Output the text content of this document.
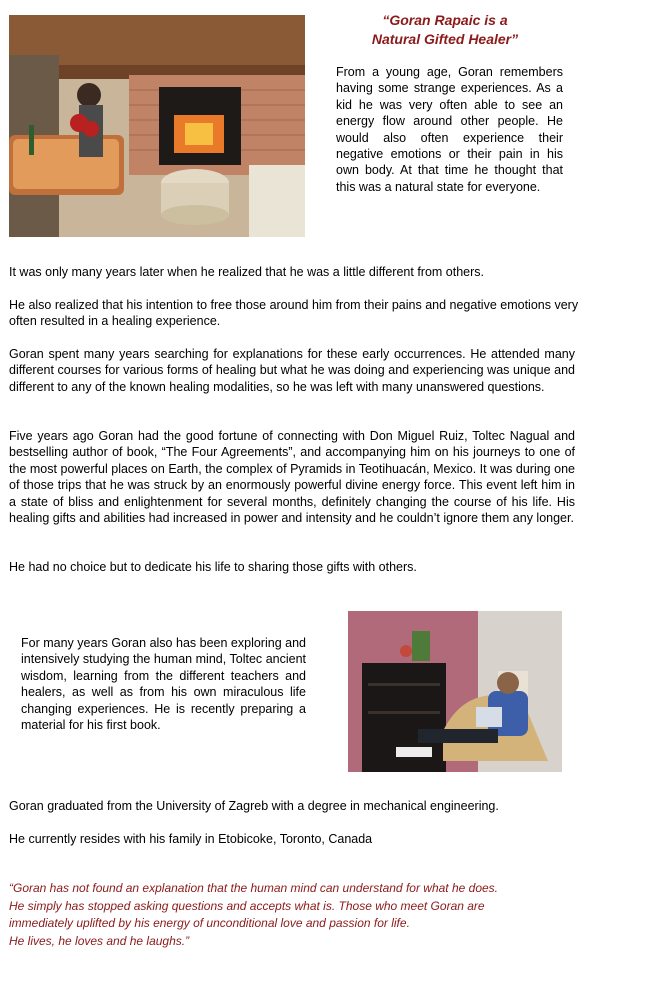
“Goran Rapaic is a
Natural Gifted Healer”
From a young age, Goran remembers having some strange experiences. As a kid he was very often able to see an energy flow around other people. He would also often experience their negative emotions or their pain in his own body. At that time he thought that this was a natural state for everyone.
It was only many years later when he realized that he was a little different from others.
He also realized that his intention to free those around him from their pains and negative emotions very often resulted in a healing experience.
Goran spent many years searching for explanations for these early occurrences. He attended many different courses for various forms of healing but what he was doing and experiencing was unique and different to any of the known healing modalities, so he was left with many unanswered questions.
Five years ago Goran had the good fortune of connecting with Don Miguel Ruiz, Toltec Nagual and bestselling author of book, “The Four Agreements”, and accompanying him on his journeys to one of the most powerful places on Earth, the complex of Pyramids in Teotihuacán, Mexico. It was during one of those trips that he was struck by an enormously powerful divine energy force. This event left him in a state of bliss and enlightenment for several months, definitely changing the course of his life. His healing gifts and abilities had increased in power and intensity and he couldn’t ignore them any longer.
He had no choice but to dedicate his life to sharing those gifts with others.
For many years Goran also has been exploring and intensively studying the human mind, Toltec ancient wisdom, learning from the different teachers and healers, as well as from his own miraculous life changing experiences. He is recently preparing a material for his first book.
Goran graduated from the University of Zagreb with a degree in mechanical engineering.
He currently resides with his family in Etobicoke, Toronto, Canada
“Goran has not found an explanation that the human mind can understand for what he does.
He simply has stopped asking questions and accepts what is. Those who meet Goran are
immediately uplifted by his energy of unconditional love and passion for life.
He lives, he loves and he laughs.”
